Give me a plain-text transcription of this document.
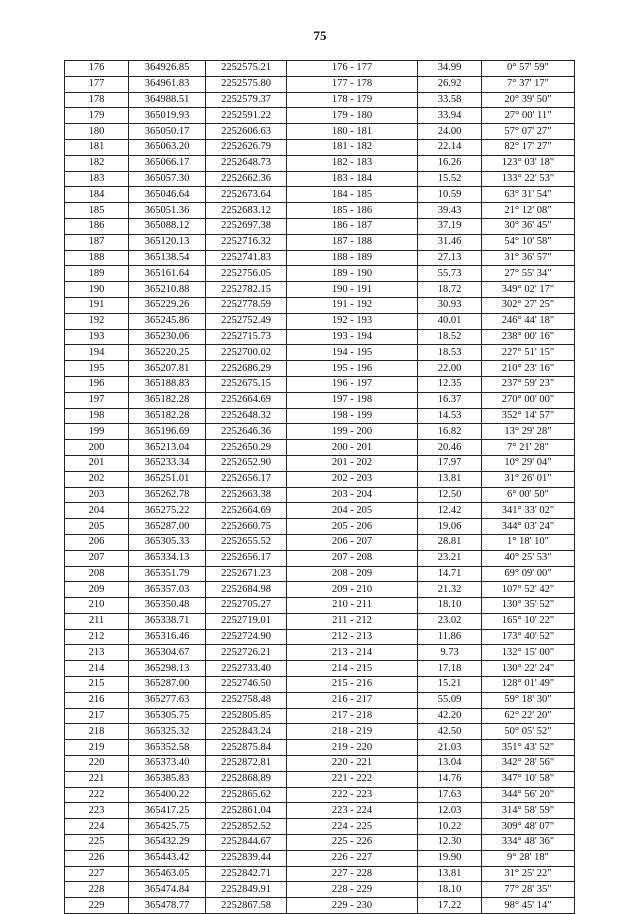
75
176	364926.85	2252575.21	176 - 177	34.99	0° 57' 59"
177	364961.83	2252575.80	177 - 178	26.92	7° 37' 17"
178	364988.51	2252579.37	178 - 179	33.58	20° 39' 50"
179	365019.93	2252591.22	179 - 180	33.94	27° 00' 11"
180	365050.17	2252606.63	180 - 181	24.00	57° 07' 27"
181	365063.20	2252626.79	181 - 182	22.14	82° 17' 27"
182	365066.17	2252648.73	182 - 183	16.26	123° 03' 18"
183	365057.30	2252662.36	183 - 184	15.52	133° 22' 53"
184	365046.64	2252673.64	184 - 185	10.59	63° 31' 54"
185	365051.36	2252683.12	185 - 186	39.43	21° 12' 08"
186	365088.12	2252697.38	186 - 187	37.19	30° 36' 45"
187	365120.13	2252716.32	187 - 188	31.46	54° 10' 58"
188	365138.54	2252741.83	188 - 189	27.13	31° 36' 57"
189	365161.64	2252756.05	189 - 190	55.73	27° 55' 34"
190	365210.88	2252782.15	190 - 191	18.72	349° 02' 17"
191	365229.26	2252778.59	191 - 192	30.93	302° 27' 25"
192	365245.86	2252752.49	192 - 193	40.01	246° 44' 18"
193	365230.06	2252715.73	193 - 194	18.52	238° 00' 16"
194	365220.25	2252700.02	194 - 195	18.53	227° 51' 15"
195	365207.81	2252686.29	195 - 196	22.00	210° 23' 16"
196	365188.83	2252675.15	196 - 197	12.35	237° 59' 23"
197	365182.28	2252664.69	197 - 198	16.37	270° 00' 00"
198	365182.28	2252648.32	198 - 199	14.53	352° 14' 57"
199	365196.69	2252646.36	199 - 200	16.82	13° 29' 28"
200	365213.04	2252650.29	200 - 201	20.46	7° 21' 28"
201	365233.34	2252652.90	201 - 202	17.97	10° 29' 04"
202	365251.01	2252656.17	202 - 203	13.81	31° 26' 01"
203	365262.78	2252663.38	203 - 204	12.50	6° 00' 50"
204	365275.22	2252664.69	204 - 205	12.42	341° 33' 02"
205	365287.00	2252660.75	205 - 206	19.06	344° 03' 24"
206	365305.33	2252655.52	206 - 207	28.81	1° 18' 10"
207	365334.13	2252656.17	207 - 208	23.21	40° 25' 53"
208	365351.79	2252671.23	208 - 209	14.71	69° 09' 00"
209	365357.03	2252684.98	209 - 210	21.32	107° 52' 42"
210	365350.48	2252705.27	210 - 211	18.10	130° 35' 52"
211	365338.71	2252719.01	211 - 212	23.02	165° 10' 22"
212	365316.46	2252724.90	212 - 213	11.86	173° 40' 52"
213	365304.67	2252726.21	213 - 214	9.73	132° 15' 00"
214	365298.13	2252733.40	214 - 215	17.18	130° 22' 24"
215	365287.00	2252746.50	215 - 216	15.21	128° 01' 49"
216	365277.63	2252758.48	216 - 217	55.09	59° 18' 30"
217	365305.75	2252805.85	217 - 218	42.20	62° 22' 20"
218	365325.32	2252843.24	218 - 219	42.50	50° 05' 52"
219	365352.58	2252875.84	219 - 220	21.03	351° 43' 52"
220	365373.40	2252872.81	220 - 221	13.04	342° 28' 56"
221	365385.83	2252868.89	221 - 222	14.76	347° 10' 58"
222	365400.22	2252865.62	222 - 223	17.63	344° 56' 20"
223	365417.25	2252861.04	223 - 224	12.03	314° 58' 59"
224	365425.75	2252852.52	224 - 225	10.22	309° 48' 07"
225	365432.29	2252844.67	225 - 226	12.30	334° 48' 36"
226	365443.42	2252839.44	226 - 227	19.90	9° 28' 18"
227	365463.05	2252842.71	227 - 228	13.81	31° 25' 22"
228	365474.84	2252849.91	228 - 229	18.10	77° 28' 35"
229	365478.77	2252867.58	229 - 230	17.22	98° 45' 14"
